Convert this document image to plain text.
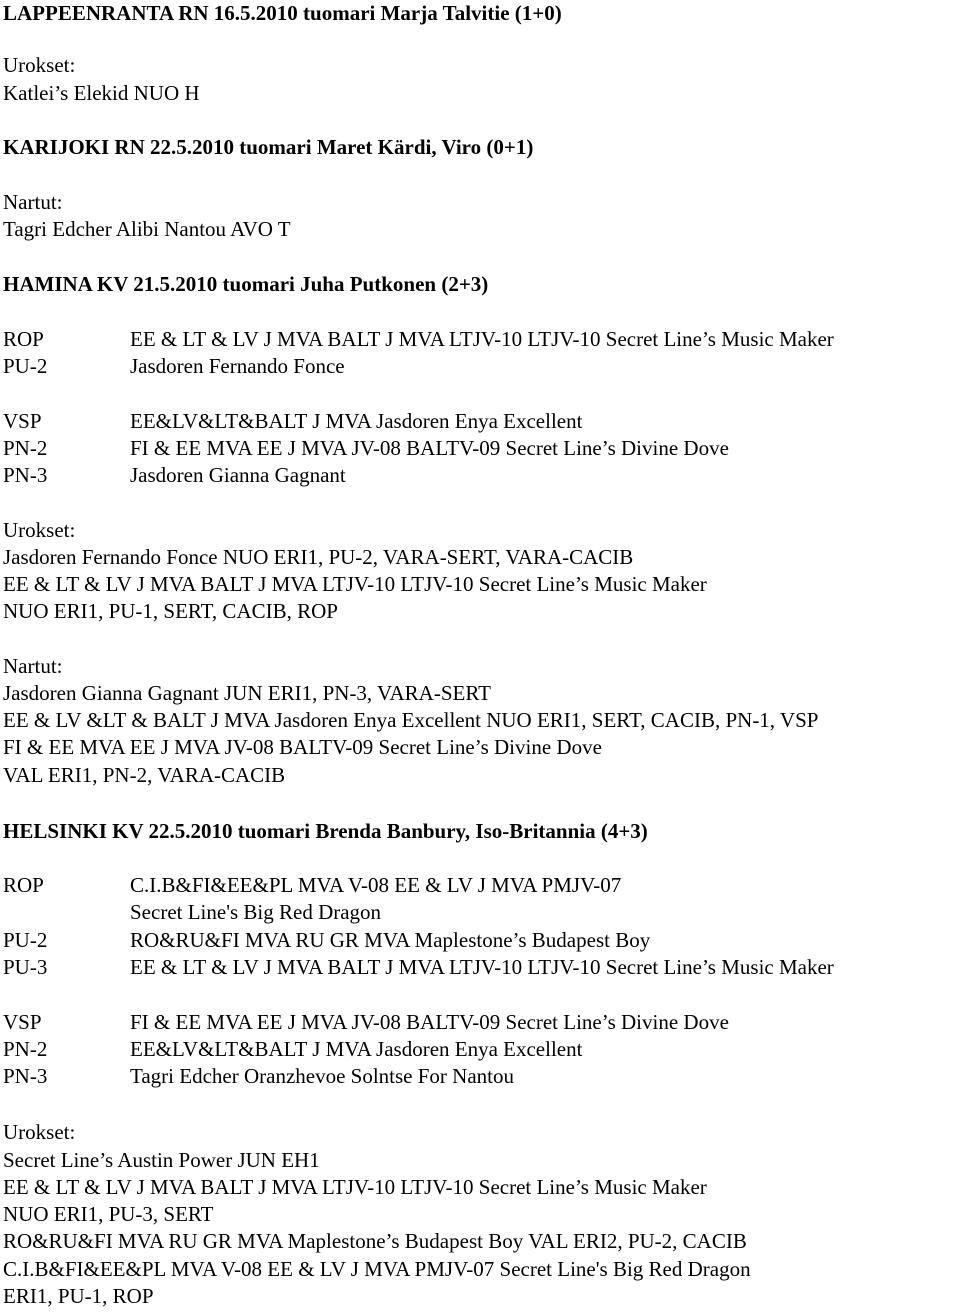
LAPPEENRANTA RN 16.5.2010 tuomari Marja Talvitie (1+0)
Urokset:
Katlei’s Elekid NUO H
KARIJOKI RN 22.5.2010 tuomari Maret Kärdi, Viro (0+1)
Nartut:
Tagri Edcher Alibi Nantou AVO T
HAMINA KV 21.5.2010 tuomari Juha Putkonen (2+3)
ROP	EE & LT & LV J MVA BALT J MVA LTJV-10 LTJV-10 Secret Line’s Music Maker
PU-2	Jasdoren Fernando Fonce
VSP	EE&LV&LT&BALT J MVA Jasdoren Enya Excellent
PN-2	FI & EE MVA EE J MVA JV-08 BALTV-09 Secret Line’s Divine Dove
PN-3	Jasdoren Gianna Gagnant
Urokset:
Jasdoren Fernando Fonce NUO ERI1, PU-2, VARA-SERT, VARA-CACIB
EE & LT & LV J MVA BALT J MVA LTJV-10 LTJV-10 Secret Line’s Music Maker
NUO ERI1, PU-1, SERT, CACIB, ROP
Nartut:
Jasdoren Gianna Gagnant JUN ERI1, PN-3, VARA-SERT
EE & LV &LT & BALT J MVA Jasdoren Enya Excellent NUO ERI1, SERT, CACIB, PN-1, VSP
FI & EE MVA EE J MVA JV-08 BALTV-09 Secret Line’s Divine Dove
VAL ERI1, PN-2, VARA-CACIB
HELSINKI KV 22.5.2010 tuomari Brenda Banbury, Iso-Britannia (4+3)
ROP	C.I.B&FI&EE&PL MVA V-08 EE & LV J MVA PMJV-07
Secret Line's Big Red Dragon
PU-2	RO&RU&FI MVA RU GR MVA Maplestone’s Budapest Boy
PU-3	EE & LT & LV J MVA BALT J MVA LTJV-10 LTJV-10 Secret Line’s Music Maker
VSP	FI & EE MVA EE J MVA JV-08 BALTV-09 Secret Line’s Divine Dove
PN-2	EE&LV&LT&BALT J MVA Jasdoren Enya Excellent
PN-3	Tagri Edcher Oranzhevoe Solntse For Nantou
Urokset:
Secret Line’s Austin Power JUN EH1
EE & LT & LV J MVA BALT J MVA LTJV-10 LTJV-10 Secret Line’s Music Maker
NUO ERI1, PU-3, SERT
RO&RU&FI MVA RU GR MVA Maplestone’s Budapest Boy VAL ERI2, PU-2, CACIB
C.I.B&FI&EE&PL MVA V-08 EE & LV J MVA PMJV-07 Secret Line's Big Red Dragon
ERI1, PU-1, ROP
